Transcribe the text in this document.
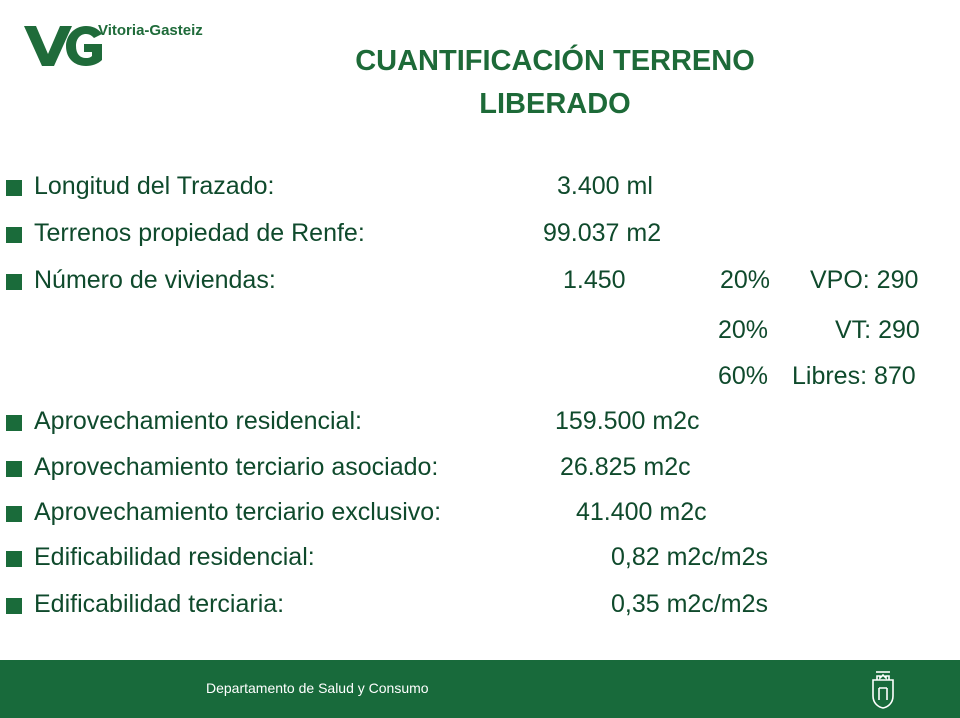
Vitoria-Gasteiz
CUANTIFICACIÓN TERRENO
LIBERADO
Longitud del Trazado:	3.400 ml
Terrenos propiedad de Renfe:	99.037 m2
Número de viviendas:	1.450	20% VPO: 290
20%	VT: 290
60% Libres: 870
Aprovechamiento residencial:	159.500 m2c
Aprovechamiento terciario asociado:	26.825 m2c
Aprovechamiento terciario exclusivo:	41.400 m2c
Edificabilidad residencial:	0,82 m2c/m2s
Edificabilidad terciaria:	0,35 m2c/m2s
Departamento de Salud y Consumo
